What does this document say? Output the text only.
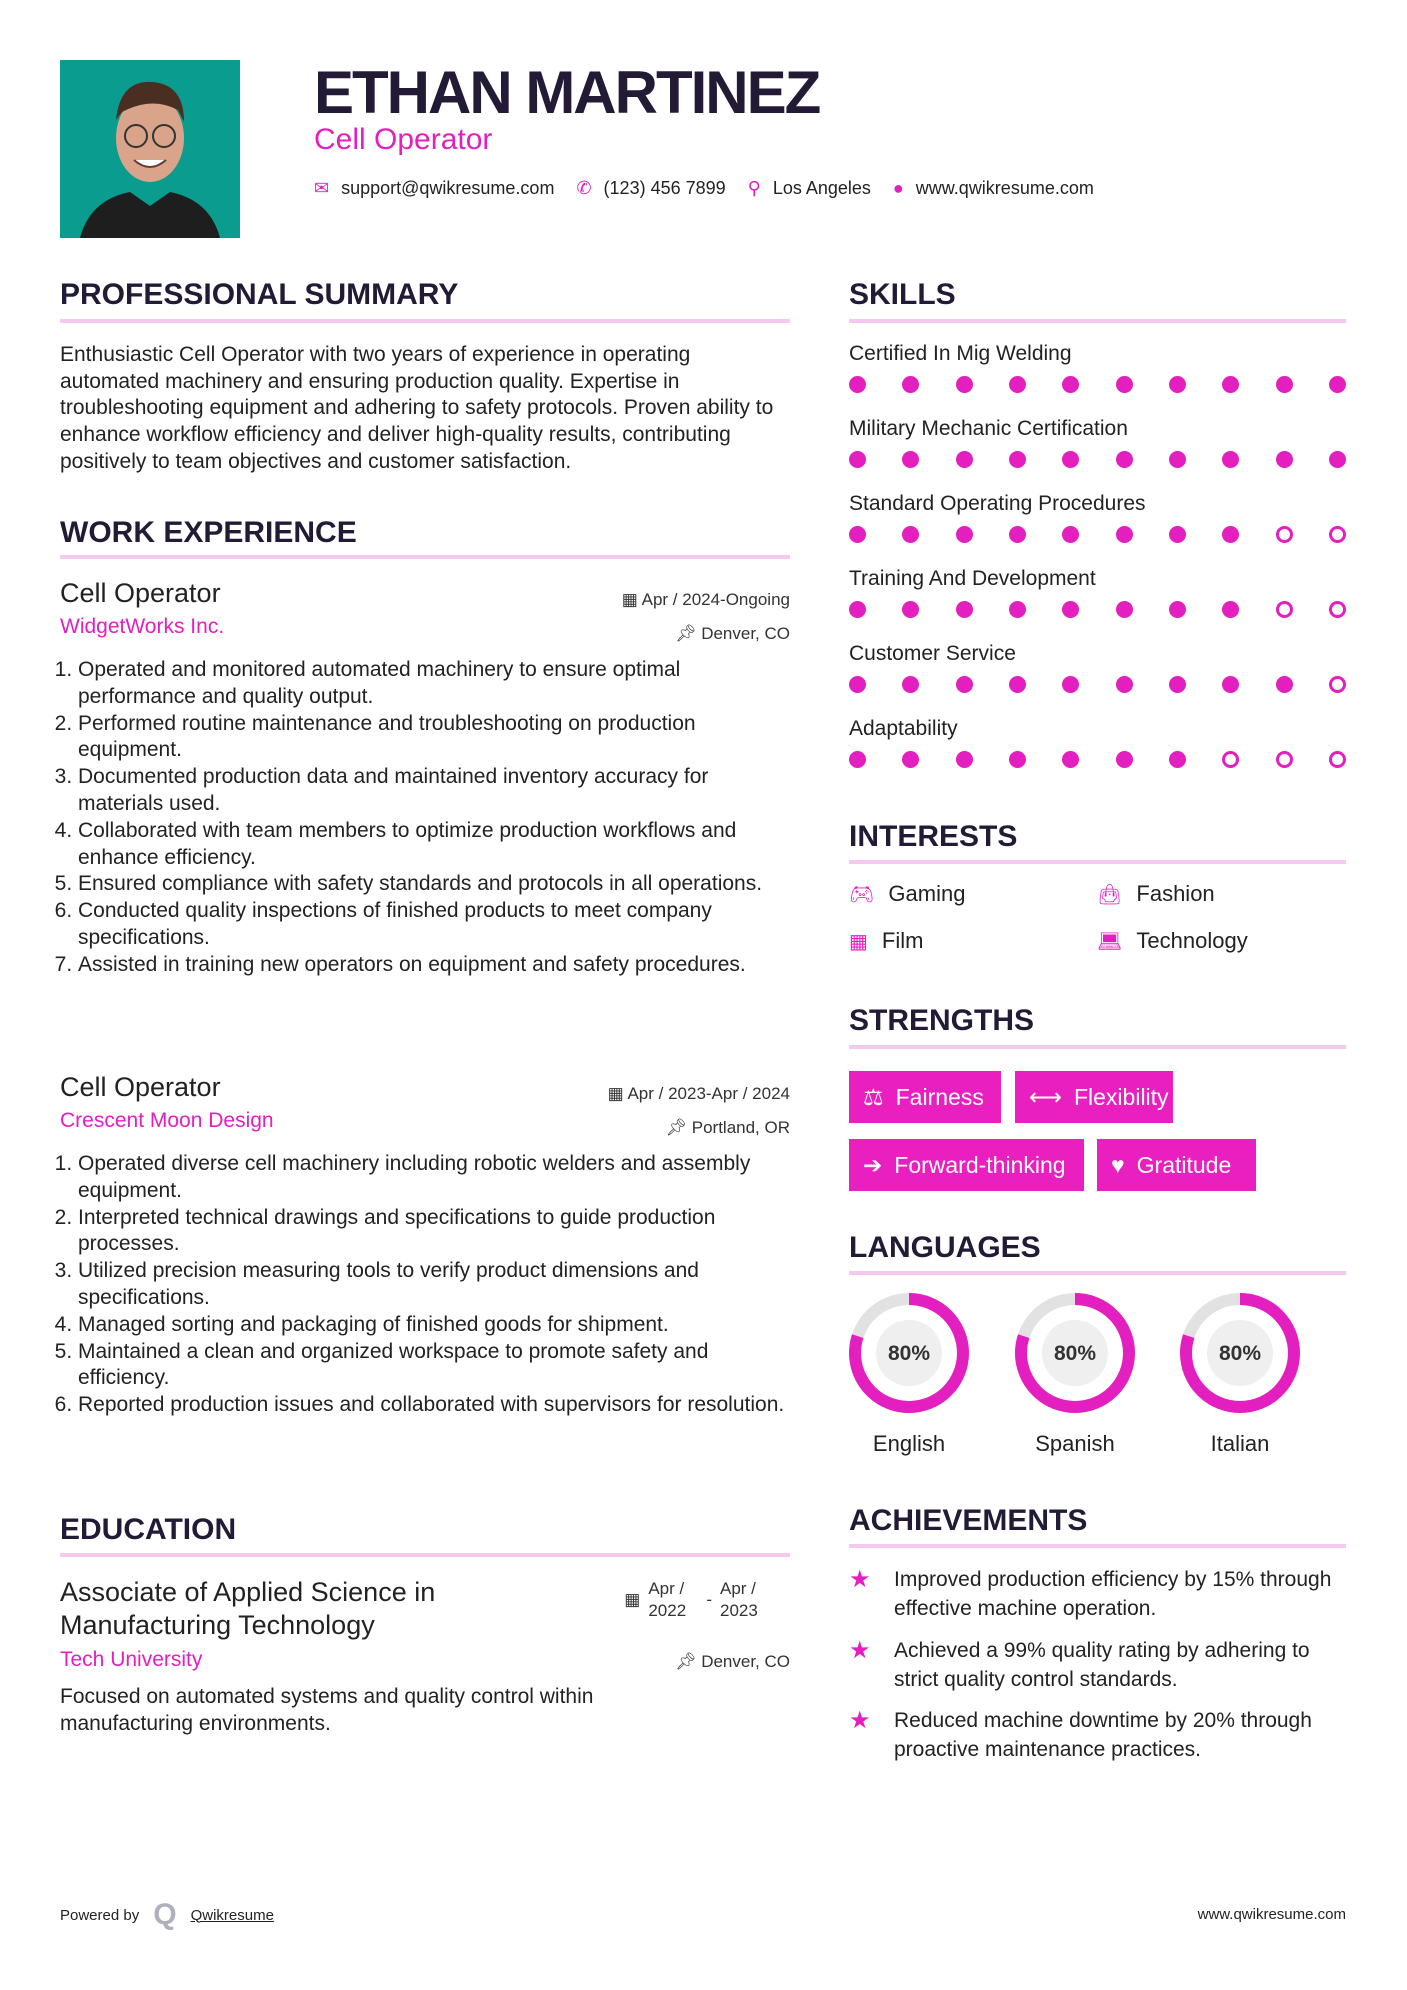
ETHAN MARTINEZ
Cell Operator
✉ support@qwikresume.com ✆ (123) 456 7899 ⚲ Los Angeles ● www.qwikresume.com
PROFESSIONAL SUMMARY
Enthusiastic Cell Operator with two years of experience in operating automated machinery and ensuring production quality. Expertise in troubleshooting equipment and adhering to safety protocols. Proven ability to enhance workflow efficiency and deliver high-quality results, contributing positively to team objectives and customer satisfaction.
WORK EXPERIENCE
Cell Operator	▦ Apr / 2024-Ongoing
WidgetWorks Inc.	📌︎ Denver, CO
1. Operated and monitored automated machinery to ensure optimal performance and quality output.
2. Performed routine maintenance and troubleshooting on production equipment.
3. Documented production data and maintained inventory accuracy for materials used.
4. Collaborated with team members to optimize production workflows and enhance efficiency.
5. Ensured compliance with safety standards and protocols in all operations.
6. Conducted quality inspections of finished products to meet company specifications.
7. Assisted in training new operators on equipment and safety procedures.
Cell Operator	▦ Apr / 2023-Apr / 2024
Crescent Moon Design	📌︎ Portland, OR
1. Operated diverse cell machinery including robotic welders and assembly equipment.
2. Interpreted technical drawings and specifications to guide production processes.
3. Utilized precision measuring tools to verify product dimensions and specifications.
4. Managed sorting and packaging of finished goods for shipment.
5. Maintained a clean and organized workspace to promote safety and efficiency.
6. Reported production issues and collaborated with supervisors for resolution.
EDUCATION
Associate of Applied Science in Manufacturing Technology
▦
Apr / 2022
-
Apr / 2023
Tech University	📌︎ Denver, CO
Focused on automated systems and quality control within manufacturing environments.
SKILLS
Certified In Mig Welding
Military Mechanic Certification
Standard Operating Procedures
Training And Development
Customer Service
Adaptability
INTERESTS
🎮︎ Gaming	👜︎ Fashion
▦ Film	💻︎ Technology
STRENGTHS
⚖ Fairness ⟷ Flexibility
➔ Forward-thinking ♥ Gratitude
LANGUAGES
80%
English
80%
Spanish
80%
Italian
ACHIEVEMENTS
★	Improved production efficiency by 15% through effective machine operation.
★	Achieved a 99% quality rating by adhering to strict quality control standards.
★	Reduced machine downtime by 20% through proactive maintenance practices.
Powered by Q Qwikresume	www.qwikresume.com
